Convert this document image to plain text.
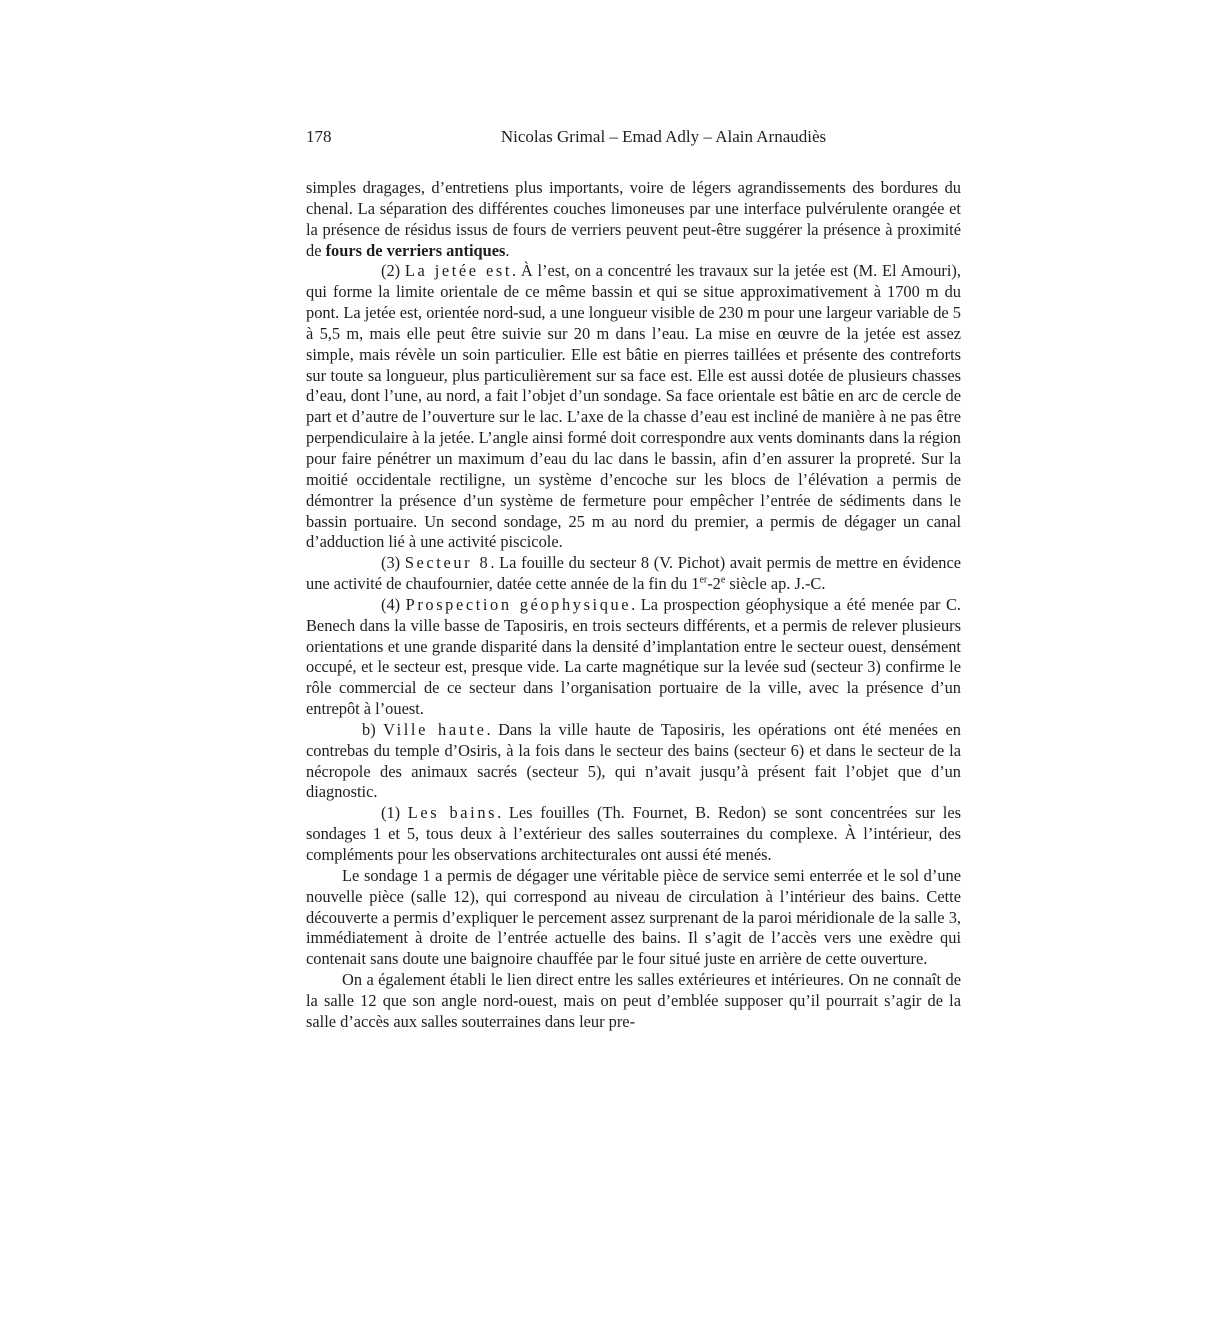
178	Nicolas Grimal – Emad Adly – Alain Arnaudiès

simples dragages, d’entretiens plus importants, voire de légers agrandissements des bordures du chenal. La séparation des différentes couches limoneuses par une interface pulvérulente orangée et la présence de résidus issus de fours de verriers peuvent peut-être suggérer la présence à proximité de fours de verriers antiques.

(2) La jetée est. À l’est, on a concentré les travaux sur la jetée est (M. El Amouri), qui forme la limite orientale de ce même bassin et qui se situe approximativement à 1700 m du pont. La jetée est, orientée nord-sud, a une longueur visible de 230 m pour une largeur variable de 5 à 5,5 m, mais elle peut être suivie sur 20 m dans l’eau. La mise en œuvre de la jetée est assez simple, mais révèle un soin particulier. Elle est bâtie en pierres taillées et présente des contreforts sur toute sa longueur, plus particulièrement sur sa face est. Elle est aussi dotée de plusieurs chasses d’eau, dont l’une, au nord, a fait l’objet d’un sondage. Sa face orientale est bâtie en arc de cercle de part et d’autre de l’ouverture sur le lac. L’axe de la chasse d’eau est incliné de manière à ne pas être perpendiculaire à la jetée. L’angle ainsi formé doit correspondre aux vents dominants dans la région pour faire pénétrer un maximum d’eau du lac dans le bassin, afin d’en assurer la propreté. Sur la moitié occidentale rectiligne, un système d’encoche sur les blocs de l’élévation a permis de démontrer la présence d’un système de fermeture pour empêcher l’entrée de sédiments dans le bassin portuaire. Un second sondage, 25 m au nord du premier, a permis de dégager un canal d’adduction lié à une activité piscicole.

(3) Secteur 8. La fouille du secteur 8 (V. Pichot) avait permis de mettre en évidence une activité de chaufournier, datée cette année de la fin du 1er-2e siècle ap. J.-C.

(4) Prospection géophysique. La prospection géophysique a été menée par C. Benech dans la ville basse de Taposiris, en trois secteurs différents, et a permis de relever plusieurs orientations et une grande disparité dans la densité d’implantation entre le secteur ouest, densément occupé, et le secteur est, presque vide. La carte magnétique sur la levée sud (secteur 3) confirme le rôle commercial de ce secteur dans l’organisation portuaire de la ville, avec la présence d’un entrepôt à l’ouest.

b) Ville haute. Dans la ville haute de Taposiris, les opérations ont été menées en contrebas du temple d’Osiris, à la fois dans le secteur des bains (secteur 6) et dans le secteur de la nécropole des animaux sacrés (secteur 5), qui n’avait jusqu’à présent fait l’objet que d’un diagnostic.

(1) Les bains. Les fouilles (Th. Fournet, B. Redon) se sont concentrées sur les sondages 1 et 5, tous deux à l’extérieur des salles souterraines du complexe. À l’intérieur, des compléments pour les observations architecturales ont aussi été menés.

Le sondage 1 a permis de dégager une véritable pièce de service semi enterrée et le sol d’une nouvelle pièce (salle 12), qui correspond au niveau de circulation à l’intérieur des bains. Cette découverte a permis d’expliquer le percement assez surprenant de la paroi méridionale de la salle 3, immédiatement à droite de l’entrée actuelle des bains. Il s’agit de l’accès vers une exèdre qui contenait sans doute une baignoire chauffée par le four situé juste en arrière de cette ouverture.

On a également établi le lien direct entre les salles extérieures et intérieures. On ne connaît de la salle 12 que son angle nord-ouest, mais on peut d’emblée supposer qu’il pourrait s’agir de la salle d’accès aux salles souterraines dans leur pre-
